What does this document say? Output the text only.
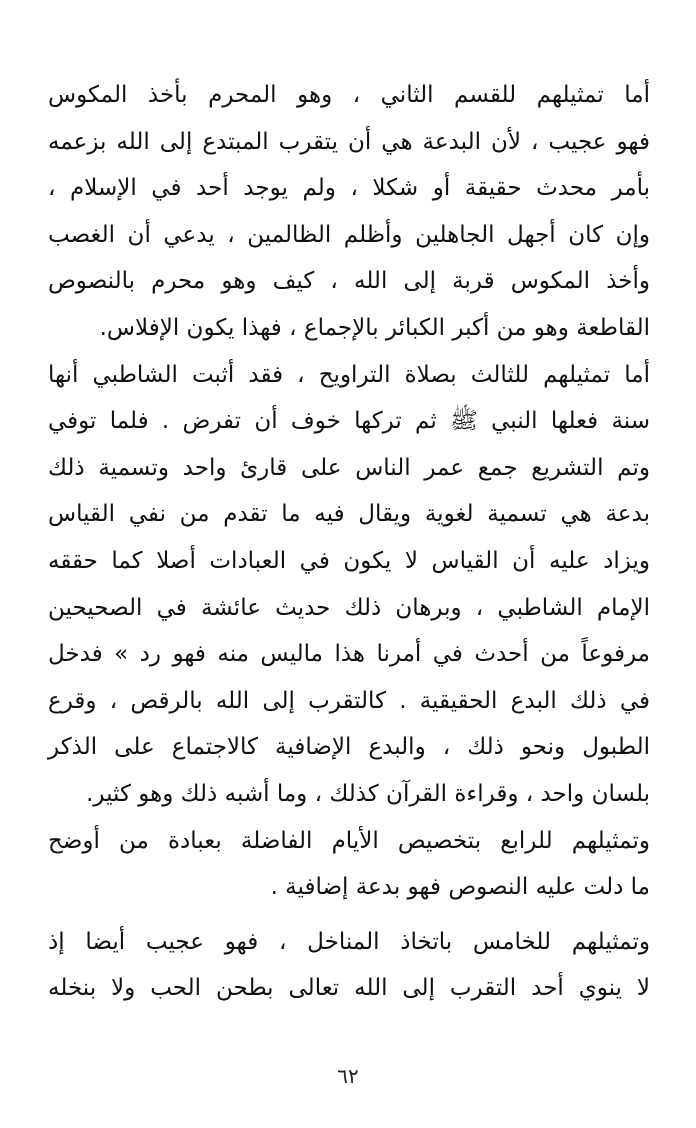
أما تمثيلهم للقسم الثاني ، وهو المحرم بأخذ المكوس

فهو عجيب ، لأن البدعة هي أن يتقرب المبتدع إلى الله بزعمه

بأمر محدث حقيقة أو شكلا ، ولم يوجد أحد في الإسلام ،

وإن كان أجهل الجاهلين وأظلم الظالمين ، يدعي أن الغصب

وأخذ المكوس قربة إلى الله ، كيف وهو محرم بالنصوص

القاطعة وهو من أكبر الكبائر بالإجماع ، فهذا يكون الإفلاس.

أما تمثيلهم للثالث بصلاة التراويح ، فقد أثبت الشاطبي أنها

سنة فعلها النبي ﷺ ثم تركها خوف أن تفرض . فلما توفي

وتم التشريع جمع عمر الناس على قارئ واحد وتسمية ذلك

بدعة هي تسمية لغوية ويقال فيه ما تقدم من نفي القياس

ويزاد عليه أن القياس لا يكون في العبادات أصلا كما حققه

الإمام الشاطبي ، وبرهان ذلك حديث عائشة في الصحيحين

مرفوعاً من أحدث في أمرنا هذا ماليس منه فهو رد » فدخل

في ذلك البدع الحقيقية . كالتقرب إلى الله بالرقص ، وقرع

الطبول ونحو ذلك ، والبدع الإضافية كالاجتماع على الذكر

بلسان واحد ، وقراءة القرآن كذلك ، وما أشبه ذلك وهو كثير.

وتمثيلهم للرابع بتخصيص الأيام الفاضلة بعبادة من أوضح

ما دلت عليه النصوص فهو بدعة إضافية .

وتمثيلهم للخامس باتخاذ المناخل ، فهو عجيب أيضا إذ

لا ينوي أحد التقرب إلى الله تعالى بطحن الحب ولا بنخله

٦٢
